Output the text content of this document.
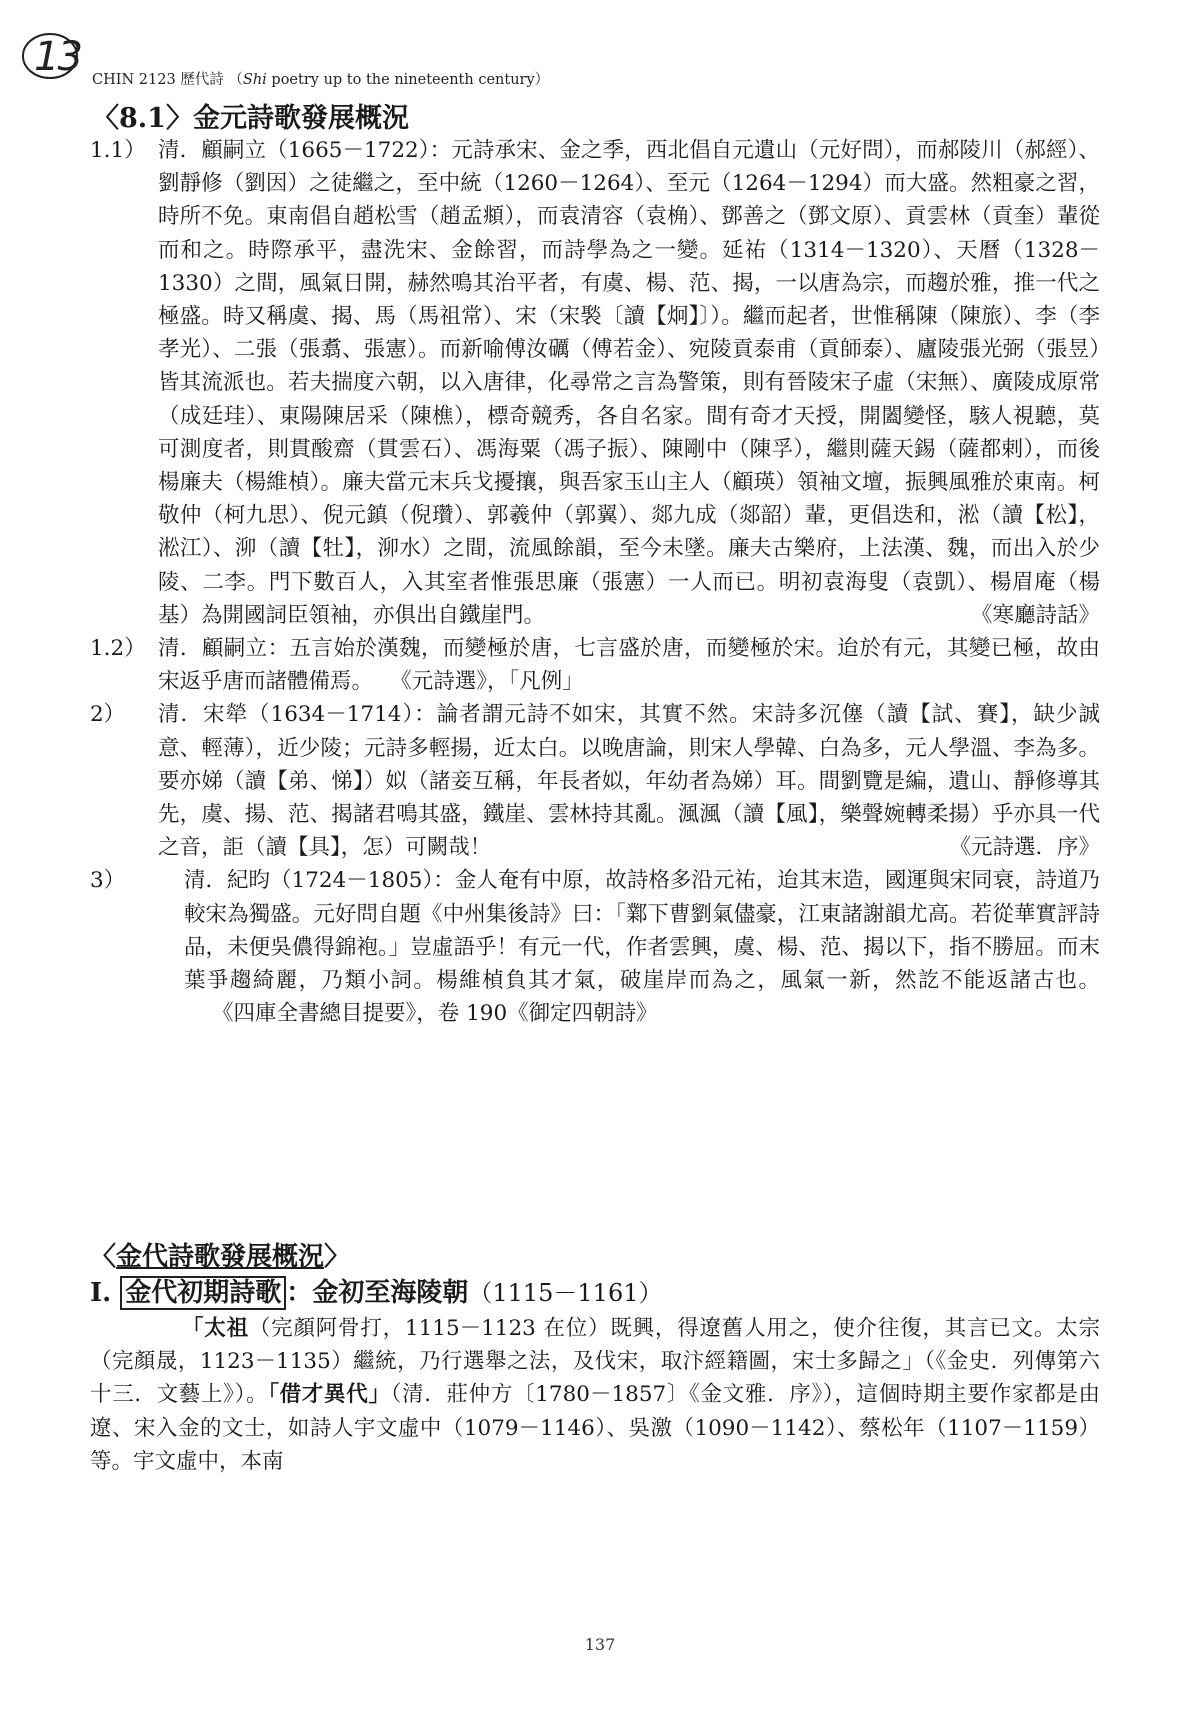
13 CHIN 2123 歷代詩 （Shi poetry up to the nineteenth century）
〈8.1〉金元詩歌發展概況
1.1） 清．顧嗣立（1665－1722）：元詩承宋、金之季，西北倡自元遺山（元好問），而郝陵川（郝經）、劉靜修（劉因）之徒繼之，至中統（1260－1264）、至元（1264－1294）而大盛。然粗豪之習，時所不免。東南倡自趙松雪（趙孟頫），而袁清容（袁桷）、鄧善之（鄧文原）、貢雲林（貢奎）輩從而和之。時際承平，盡洗宋、金餘習，而詩學為之一變。延祐（1314－1320）、天曆（1328－1330）之間，風氣日開，赫然鳴其治平者，有虞、楊、范、揭，一以唐為宗，而趨於雅，推一代之極盛。時又稱虞、揭、馬（馬祖常）、宋（宋褧〔讀【炯】〕）。繼而起者，世惟稱陳（陳旅）、李（李孝光）、二張（張翥、張憲）。而新喻傅汝礪（傅若金）、宛陵貢泰甫（貢師泰）、廬陵張光弼（張昱）皆其流派也。若夫揣度六朝，以入唐律，化尋常之言為警策，則有晉陵宋子虛（宋無）、廣陵成原常（成廷珪）、東陽陳居采（陳樵），標奇競秀，各自名家。間有奇才天授，開闔變怪，駭人視聽，莫可測度者，則貫酸齋（貫雲石）、馮海粟（馮子振）、陳剛中（陳孚），繼則薩天錫（薩都剌），而後楊廉夫（楊維楨）。廉夫當元末兵戈擾攘，與吾家玉山主人（顧瑛）領袖文壇，振興風雅於東南。柯敬仲（柯九思）、倪元鎮（倪瓚）、郭羲仲（郭翼）、郯九成（郯韶）輩，更倡迭和，淞（讀【松】，淞江）、泖（讀【牡】，泖水）之間，流風餘韻，至今未墜。廉夫古樂府，上法漢、魏，而出入於少陵、二李。門下數百人，入其室者惟張思廉（張憲）一人而已。明初袁海叟（袁凱）、楊眉庵（楊基）為開國詞臣領袖，亦俱出自鐵崖門。	《寒廳詩話》
1.2） 清．顧嗣立：五言始於漢魏，而變極於唐，七言盛於唐，而變極於宋。迨於有元，其變已極，故由宋返乎唐而諸體備焉。 《元詩選》，「凡例」
2） 清．宋犖（1634－1714）：論者謂元詩不如宋，其實不然。宋詩多沉僿（讀【試、賽】，缺少誠意、輕薄），近少陵；元詩多輕揚，近太白。以晚唐論，則宋人學韓、白為多，元人學溫、李為多。要亦娣（讀【弟、悌】）姒（諸妾互稱，年長者姒，年幼者為娣）耳。間劉覽是編，遺山、靜修導其先，虞、揚、范、揭諸君鳴其盛，鐵崖、雲林持其亂。渢渢（讀【風】，樂聲婉轉柔揚）乎亦具一代之音，詎（讀【具】，怎）可闕哉！	《元詩選．序》
3）	清．紀昀（1724－1805）：金人奄有中原，故詩格多沿元祐，迨其末造，國運與宋同衰，詩道乃較宋為獨盛。元好問自題《中州集後詩》曰：「鄴下曹劉氣儘豪，江東諸謝韻尤高。若從華實評詩品，未便吳儂得錦袍。」豈虛語乎！有元一代，作者雲興，虞、楊、范、揭以下，指不勝屈。而末葉爭趨綺麗，乃類小詞。楊維楨負其才氣，破崖岸而為之，風氣一新，然訖不能返諸古也。《四庫全書總目提要》，卷 190《御定四朝詩》
〈金代詩歌發展概況〉
I. 金代初期詩歌 ：金初至海陵朝（1115－1161）
「太祖（完顏阿骨打，1115－1123 在位）既興，得遼舊人用之，使介往復，其言已文。太宗（完顏晟，1123－1135）繼統，乃行選舉之法，及伐宋，取汴經籍圖，宋士多歸之」（《金史．列傳第六十三．文藝上》）。「借才異代」（清．莊仲方〔1780－1857〕《金文雅．序》），這個時期主要作家都是由遼、宋入金的文士，如詩人宇文虛中（1079－1146）、吳激（1090－1142）、蔡松年（1107－1159）等。宇文虛中，本南
137
